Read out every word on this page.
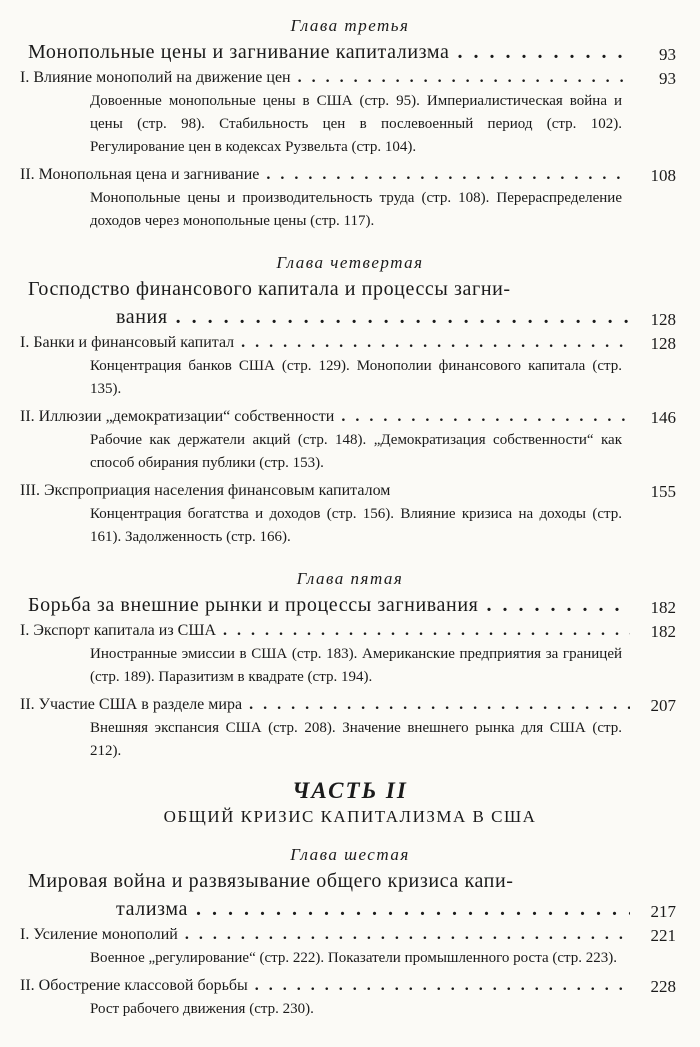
Глава третья

Монопольные цены и загнивание капитализма . . .	93

I. Влияние монополий на движение цен . . .	93

Довоенные монопольные цены в США (стр. 95). Империалистическая война и цены (стр. 98). Стабильность цен в послевоенный период (стр. 102). Регулирование цен в кодексах Рузвельта (стр. 104).

II. Монопольная цена и загнивание . . .	108

Монопольные цены и производительность труда (стр. 108). Перераспределение доходов через монопольные цены (стр. 117).

Глава четвертая

Господство финансового капитала и процессы загни-

вания . . .	128

I. Банки и финансовый капитал . . .	128

Концентрация банков США (стр. 129). Монополии финансового капитала (стр. 135).

II. Иллюзии „демократизации“ собственности . . .	146

Рабочие как держатели акций (стр. 148). „Демократизация собственности“ как способ обирания публики (стр. 153).

III. Экспроприация населения финансовым капиталом	155

Концентрация богатства и доходов (стр. 156). Влияние кризиса на доходы (стр. 161). Задолженность (стр. 166).

Глава пятая

Борьба за внешние рынки и процессы загнивания . . .	182

I. Экспорт капитала из США . . .	182

Иностранные эмиссии в США (стр. 183). Американские предприятия за границей (стр. 189). Паразитизм в квадрате (стр. 194).

II. Участие США в разделе мира . . .	207

Внешняя экспансия США (стр. 208). Значение внешнего рынка для США (стр. 212).

ЧАСТЬ II

ОБЩИЙ КРИЗИС КАПИТАЛИЗМА В США

Глава шестая

Мировая война и развязывание общего кризиса капи-

тализма . . .	217

I. Усиление монополий . . .	221

Военное „регулирование“ (стр. 222). Показатели промышленного роста (стр. 223).

II. Обострение классовой борьбы . . .	228

Рост рабочего движения (стр. 230).
